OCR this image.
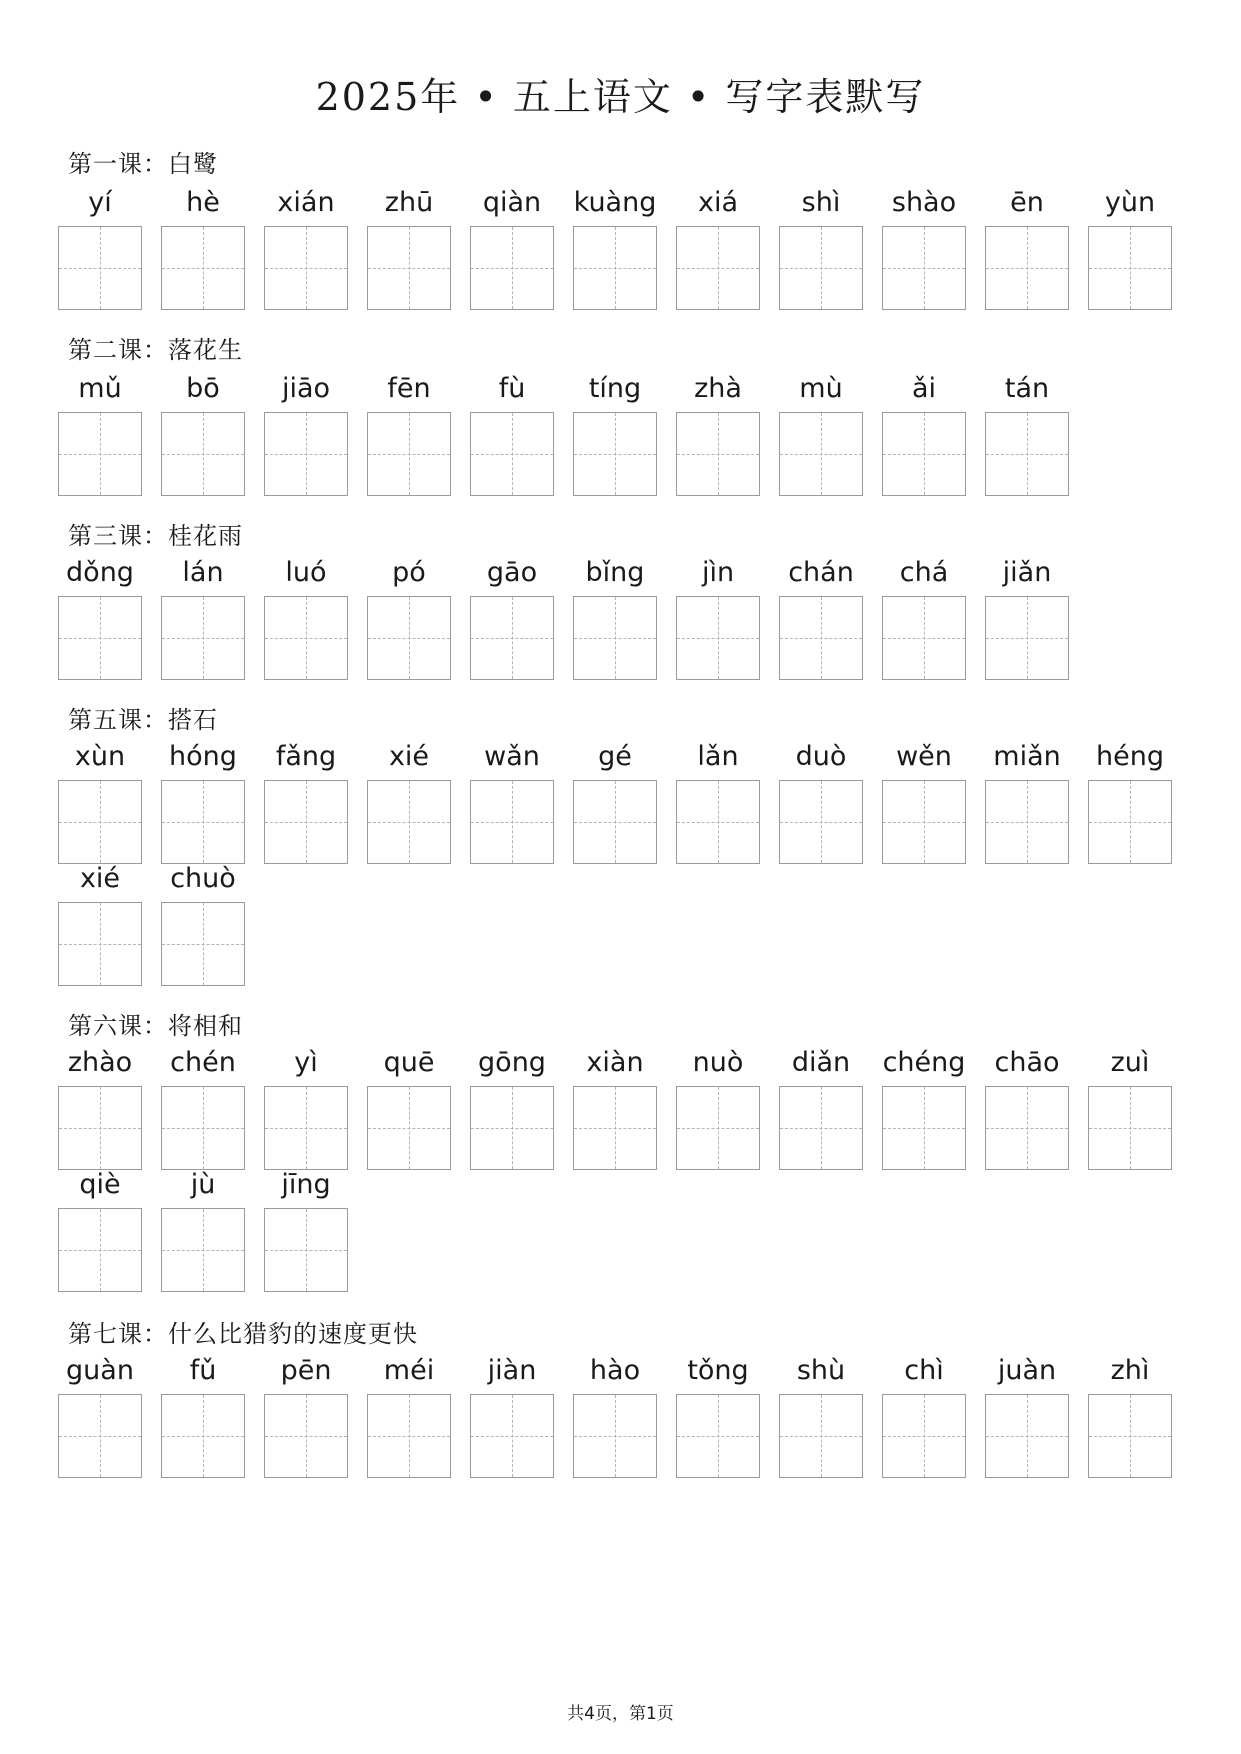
2025年 • 五上语文 • 写字表默写
第一课：白鹭
yí	hè	xián	zhū	qiàn	kuàng	xiá	shì	shào	ēn	yùn
第二课：落花生
mǔ	bō	jiāo	fēn	fù	tíng	zhà	mù	ǎi	tán
第三课：桂花雨
dǒng	lán	luó	pó	gāo	bǐng	jìn	chán	chá	jiǎn
第五课：搭石
xùn	hóng	fǎng	xié	wǎn	gé	lǎn	duò	wěn	miǎn	héng
xié	chuò
第六课：将相和
zhào	chén	yì	quē	gōng	xiàn	nuò	diǎn	chéng	chāo	zuì
qiè	jù	jīng
第七课：什么比猎豹的速度更快
guàn	fǔ	pēn	méi	jiàn	hào	tǒng	shù	chì	juàn	zhì
共4页，第1页
